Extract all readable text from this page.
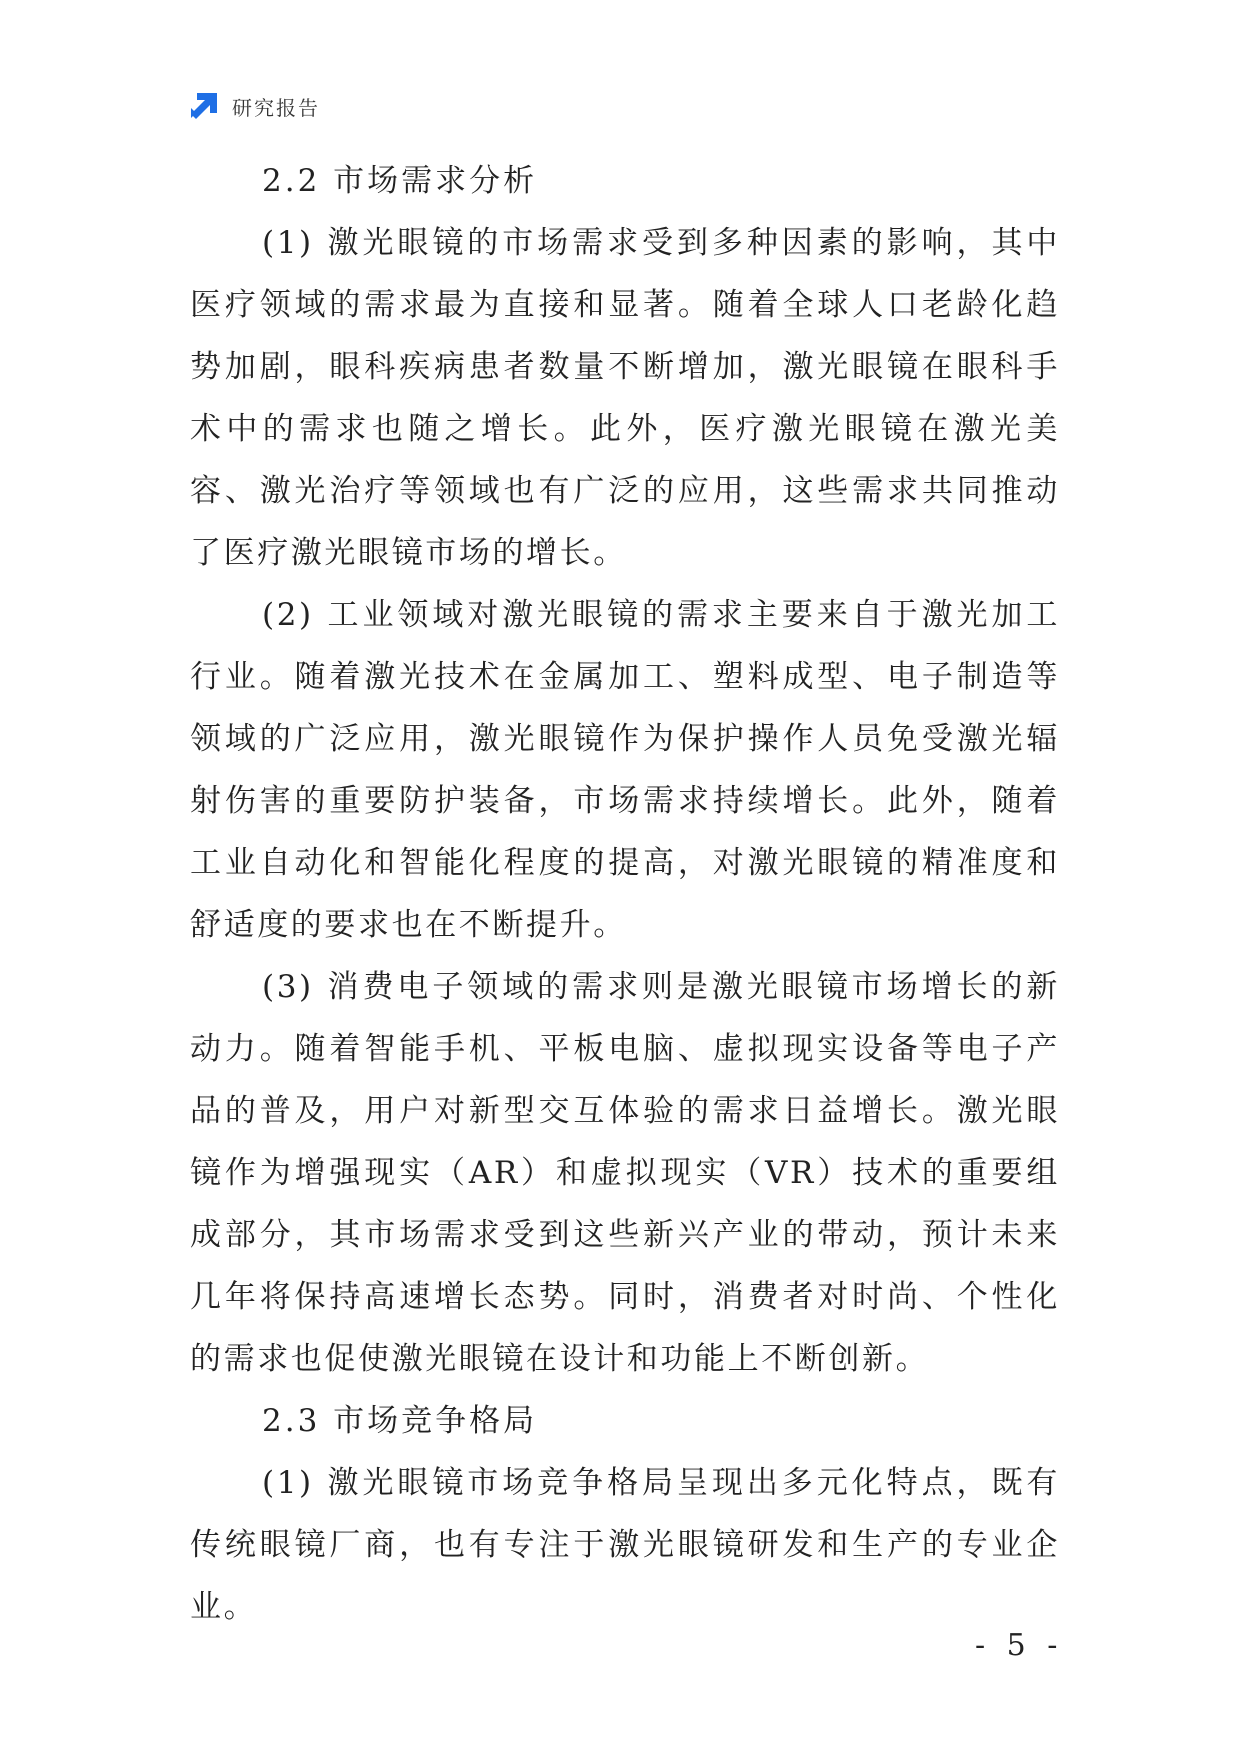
研究报告

2.2 市场需求分析

(1) 激光眼镜的市场需求受到多种因素的影响，其中医疗领域的需求最为直接和显著。随着全球人口老龄化趋势加剧，眼科疾病患者数量不断增加，激光眼镜在眼科手术中的需求也随之增长。此外，医疗激光眼镜在激光美容、激光治疗等领域也有广泛的应用，这些需求共同推动了医疗激光眼镜市场的增长。

(2) 工业领域对激光眼镜的需求主要来自于激光加工行业。随着激光技术在金属加工、塑料成型、电子制造等领域的广泛应用，激光眼镜作为保护操作人员免受激光辐射伤害的重要防护装备，市场需求持续增长。此外，随着工业自动化和智能化程度的提高，对激光眼镜的精准度和舒适度的要求也在不断提升。

(3) 消费电子领域的需求则是激光眼镜市场增长的新动力。随着智能手机、平板电脑、虚拟现实设备等电子产品的普及，用户对新型交互体验的需求日益增长。激光眼镜作为增强现实（AR）和虚拟现实（VR）技术的重要组成部分，其市场需求受到这些新兴产业的带动，预计未来几年将保持高速增长态势。同时，消费者对时尚、个性化的需求也促使激光眼镜在设计和功能上不断创新。

2.3 市场竞争格局

(1) 激光眼镜市场竞争格局呈现出多元化特点，既有传统眼镜厂商，也有专注于激光眼镜研发和生产的专业企业。

- 5 -
